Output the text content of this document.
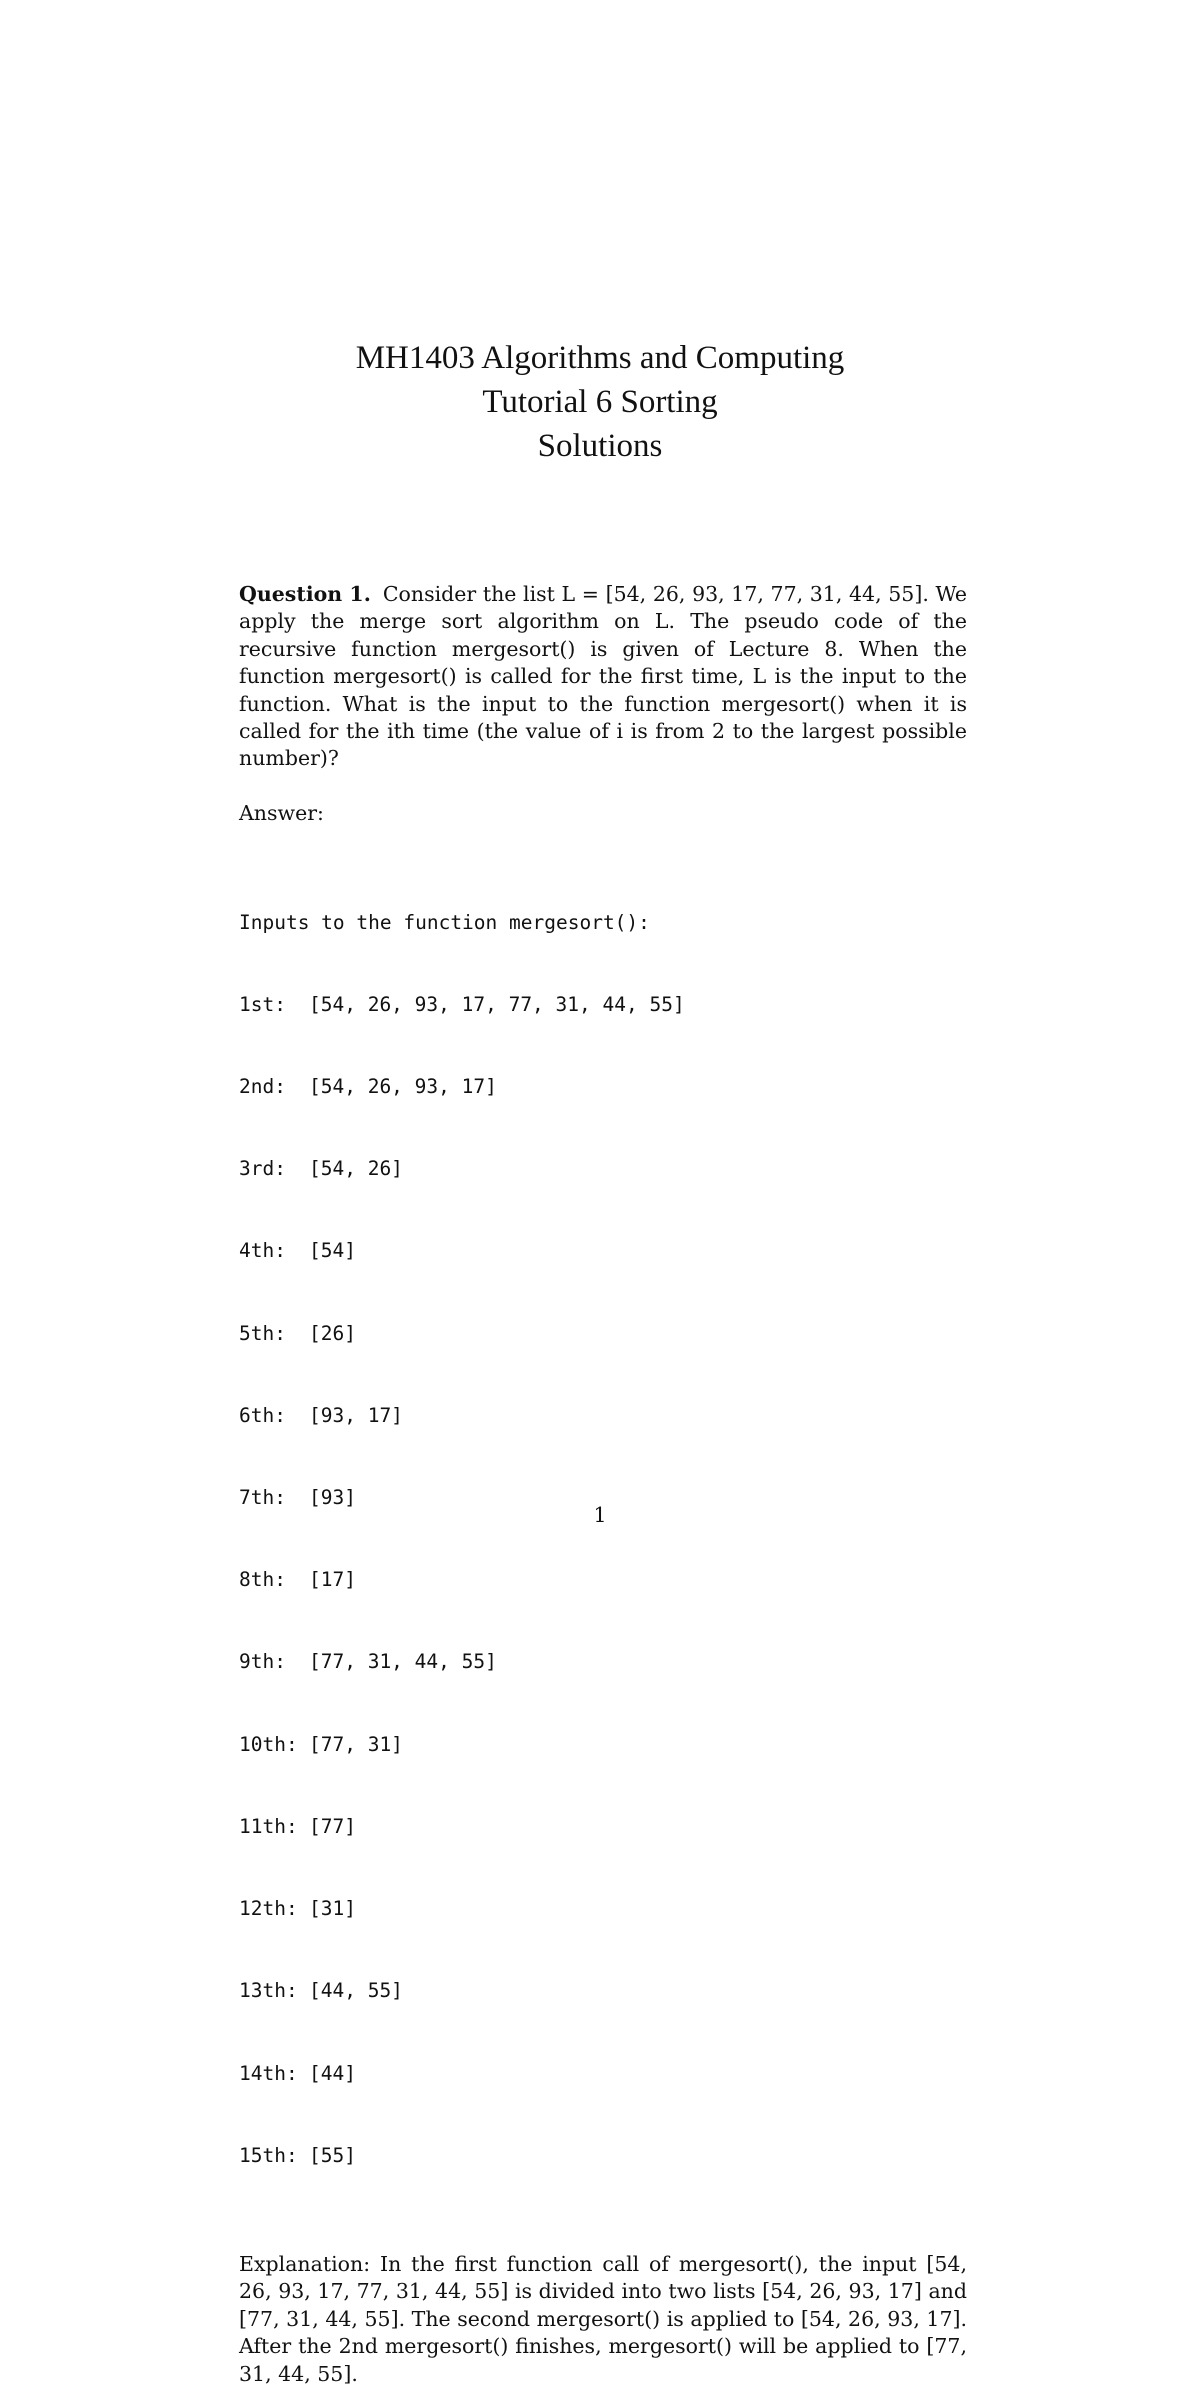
MH1403 Algorithms and Computing
Tutorial 6 Sorting
Solutions

Question 1. Consider the list L = [54, 26, 93, 17, 77, 31, 44, 55]. We apply the merge sort algorithm on L. The pseudo code of the recursive function mergesort() is given of Lecture 8. When the function mergesort() is called for the first time, L is the input to the function. What is the input to the function mergesort() when it is called for the ith time (the value of i is from 2 to the largest possible number)?

Answer:

Inputs to the function mergesort():

1st: [54, 26, 93, 17, 77, 31, 44, 55]

2nd: [54, 26, 93, 17]

3rd: [54, 26]

4th: [54]

5th: [26]

6th: [93, 17]

7th: [93]

8th: [17]

9th: [77, 31, 44, 55]

10th: [77, 31]

11th: [77]

12th: [31]

13th: [44, 55]

14th: [44]

15th: [55]

Explanation: In the first function call of mergesort(), the input [54, 26, 93, 17, 77, 31, 44, 55] is divided into two lists [54, 26, 93, 17] and [77, 31, 44, 55]. The second mergesort() is applied to [54, 26, 93, 17]. After the 2nd mergesort() finishes, mergesort() will be applied to [77, 31, 44, 55].

1
